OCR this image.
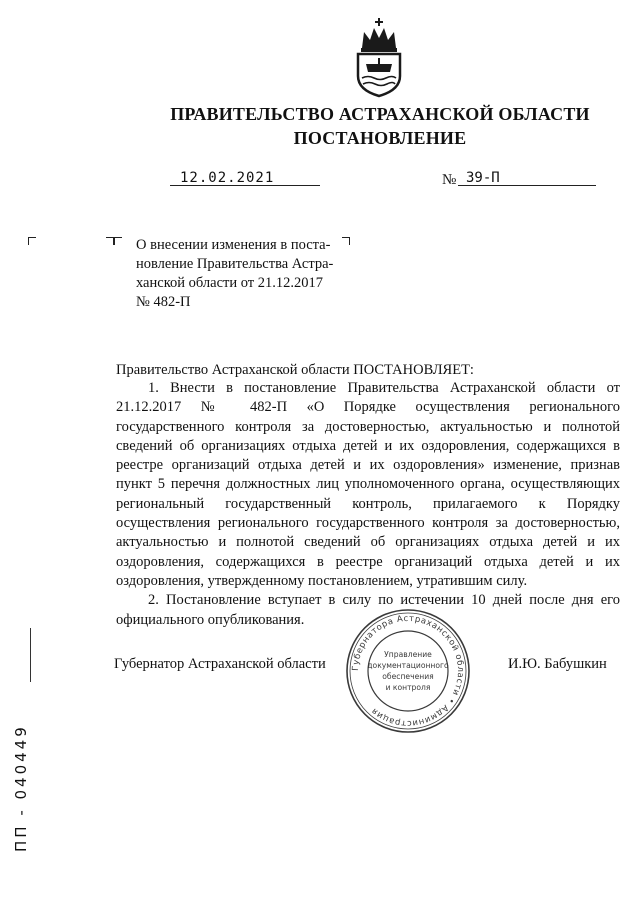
ПРАВИТЕЛЬСТВО АСТРАХАНСКОЙ ОБЛАСТИ
ПОСТАНОВЛЕНИЕ
12.02.2021	№ 39-П
О внесении изменения в поста-
новление Правительства Астра-
ханской области от 21.12.2017
№ 482-П
Правительство Астраханской области ПОСТАНОВЛЯЕТ:

1. Внести в постановление Правительства Астраханской области от 21.12.2017 № 482-П «О Порядке осуществления регионального государственного контроля за достоверностью, актуальностью и полнотой сведений об организациях отдыха детей и их оздоровления, содержащихся в реестре организаций отдыха детей и их оздоровления» изменение, признав пункт 5 перечня должностных лиц уполномоченного органа, осуществляющих региональный государственный контроль, прилагаемого к Порядку осуществления регионального государственного контроля за достоверностью, актуальностью и полнотой сведений об организациях отдыха детей и их оздоровления, содержащихся в реестре организаций отдыха детей и их оздоровления, утвержденному постановлением, утратившим силу.

2. Постановление вступает в силу по истечении 10 дней после дня его официального опубликования.

Губернатор Астраханской области	И.Ю. Бабушкин
Губернатора Астраханской области • Администрация
Управление
документационного
обеспечения
и контроля
ПП - 040449
